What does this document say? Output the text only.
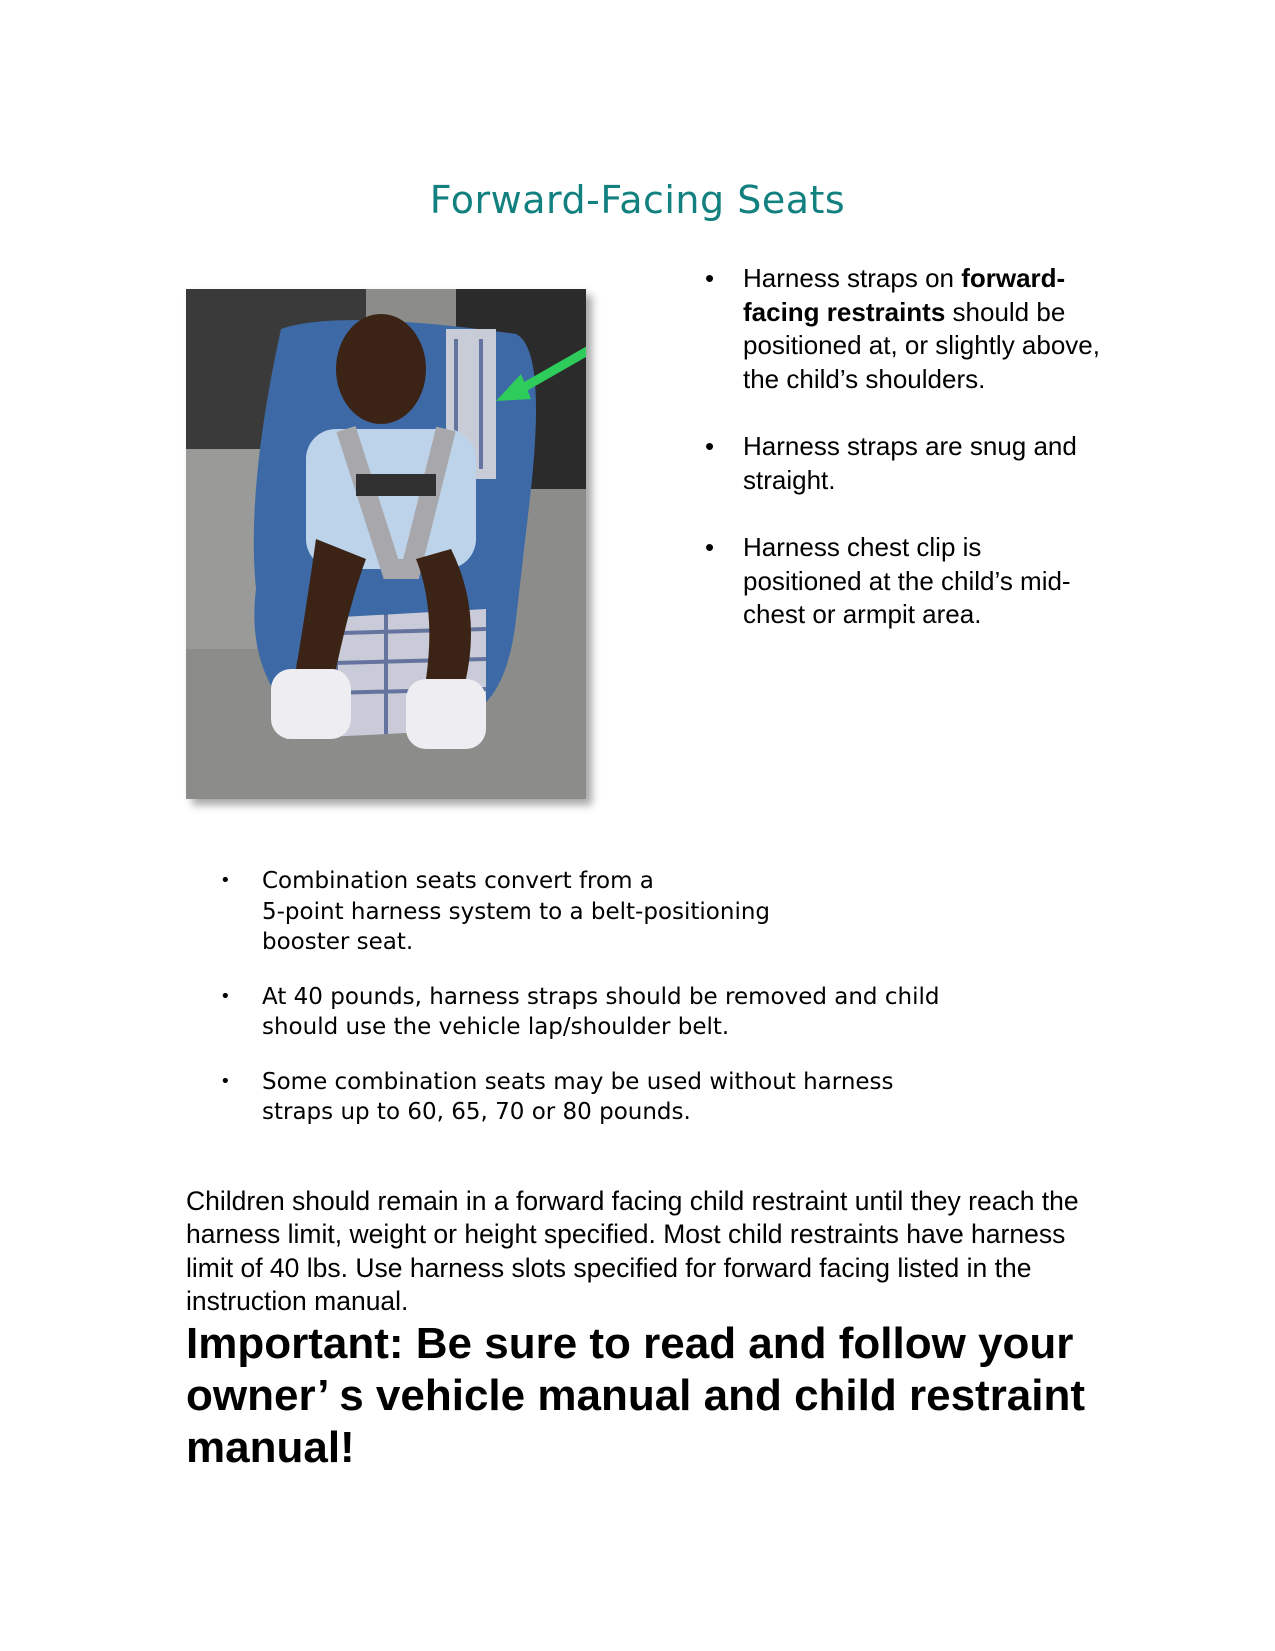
Forward-Facing Seats
• Harness straps on forward-facing restraints should be positioned at, or slightly above, the child’s shoulders.
• Harness straps are snug and straight.
• Harness chest clip is positioned at the child’s mid-chest or armpit area.
• Combination seats convert from a
5-point harness system to a belt-positioning booster seat.
• At 40 pounds, harness straps should be removed and child should use the vehicle lap/shoulder belt.
• Some combination seats may be used without harness straps up to 60, 65, 70 or 80 pounds.

Children should remain in a forward facing child restraint until they reach the harness limit, weight or height specified. Most child restraints have harness limit of 40 lbs. Use harness slots specified for forward facing listed in the instruction manual.

Important: Be sure to read and follow your owner’ s vehicle manual and child restraint manual!
